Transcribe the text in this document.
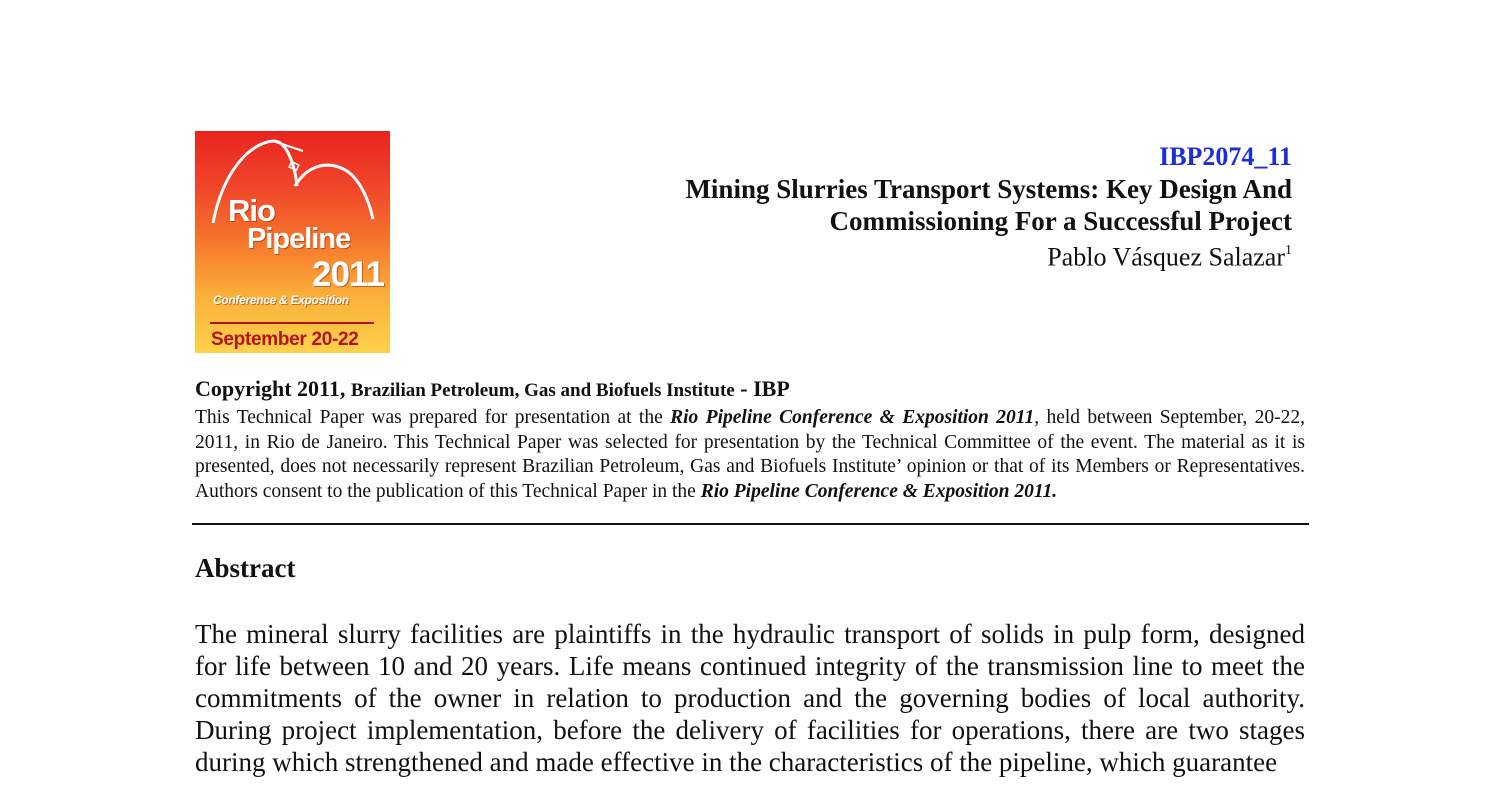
Rio
Pipeline
2011
Conference & Exposition
September 20-22
IBP2074_11
Mining Slurries Transport Systems: Key Design And
Commissioning For a Successful Project
Pablo Vásquez Salazar$^1$
Copyright 2011, Brazilian Petroleum, Gas and Biofuels Institute - IBP
This Technical Paper was prepared for presentation at the Rio Pipeline Conference & Exposition 2011, held between September, 20-22, 2011, in Rio de Janeiro. This Technical Paper was selected for presentation by the Technical Committee of the event. The material as it is presented, does not necessarily represent Brazilian Petroleum, Gas and Biofuels Institute’ opinion or that of its Members or Representatives. Authors consent to the publication of this Technical Paper in the Rio Pipeline Conference & Exposition 2011.
Abstract
The mineral slurry facilities are plaintiffs in the hydraulic transport of solids in pulp form, designed for life between 10 and 20 years. Life means continued integrity of the transmission line to meet the commitments of the owner in relation to production and the governing bodies of local authority. During project implementation, before the delivery of facilities for operations, there are two stages during which strengthened and made effective in the characteristics of the pipeline, which guarantee
